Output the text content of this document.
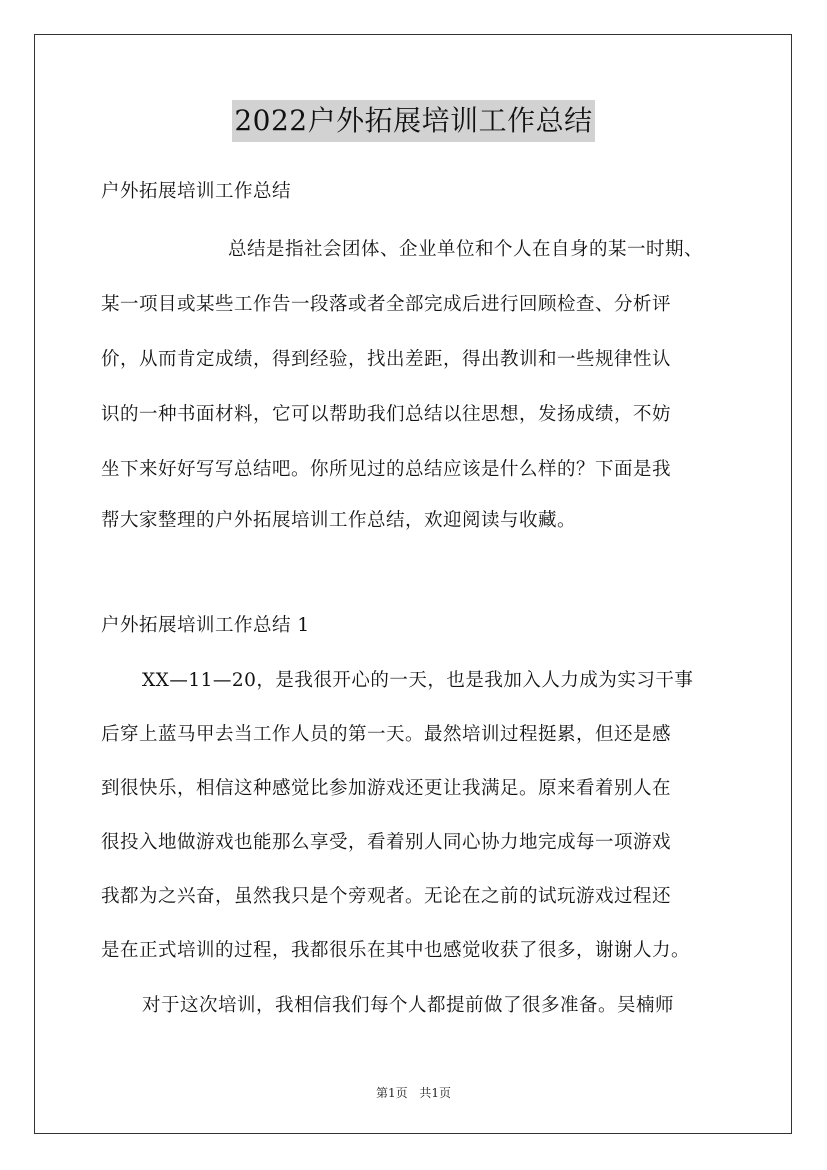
2022户外拓展培训工作总结
户外拓展培训工作总结
总结是指社会团体、企业单位和个人在自身的某一时期、
某一项目或某些工作告一段落或者全部完成后进行回顾检查、分析评
价，从而肯定成绩，得到经验，找出差距，得出教训和一些规律性认
识的一种书面材料，它可以帮助我们总结以往思想，发扬成绩，不妨
坐下来好好写写总结吧。你所见过的总结应该是什么样的？下面是我
帮大家整理的户外拓展培训工作总结，欢迎阅读与收藏。
户外拓展培训工作总结 1
XX—11—20，是我很开心的一天，也是我加入人力成为实习干事
后穿上蓝马甲去当工作人员的第一天。最然培训过程挺累，但还是感
到很快乐，相信这种感觉比参加游戏还更让我满足。原来看着别人在
很投入地做游戏也能那么享受，看着别人同心协力地完成每一项游戏
我都为之兴奋，虽然我只是个旁观者。无论在之前的试玩游戏过程还
是在正式培训的过程，我都很乐在其中也感觉收获了很多，谢谢人力。
对于这次培训，我相信我们每个人都提前做了很多准备。吴楠师
第1页 共1页
